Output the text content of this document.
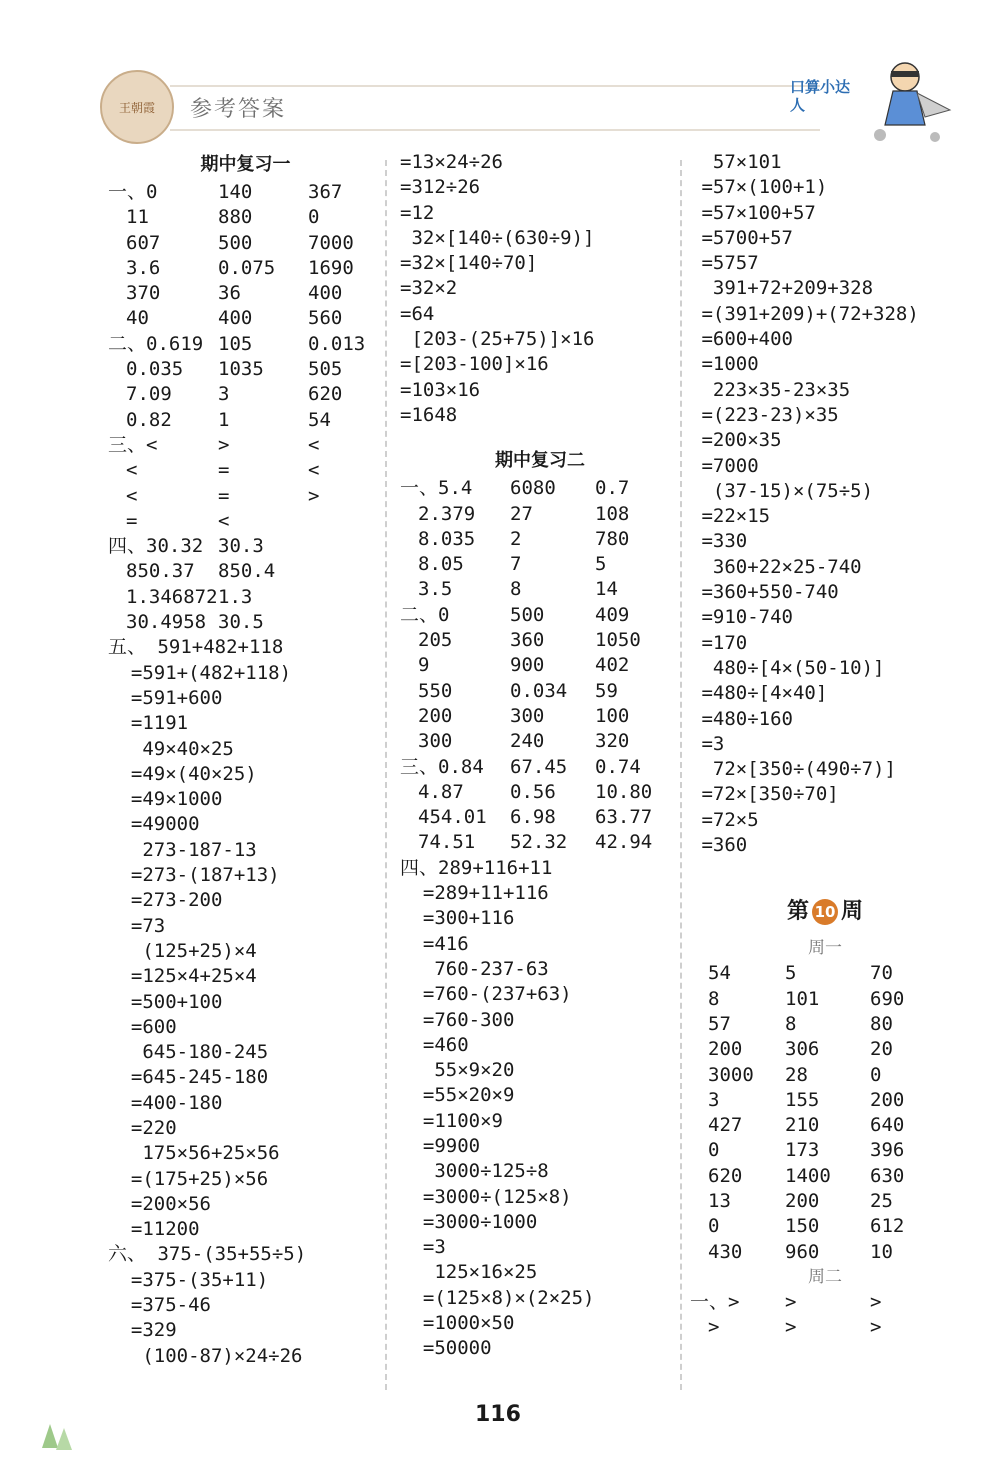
王朝霞 参考答案
口算小达人
期中复习一
一、0	140	367
11	880	0
607	500	7000
3.6	0.075	1690
370	36	400
40	400	560
二、0.619 105	0.013
0.035	1035	505
7.09	3	620
0.82	1	54
三、<	>	<
<	=	<
<	=	>
=	<
四、30.32 30.3
850.37	850.4
1.346872 1.3
30.4958 30.5
五、 591+482+118
=591+(482+118)
=591+600
=1191
49×40×25
=49×(40×25)
=49×1000
=49000
273-187-13
=273-(187+13)
=273-200
=73
(125+25)×4
=125×4+25×4
=500+100
=600
645-180-245
=645-245-180
=400-180
=220
175×56+25×56
=(175+25)×56
=200×56
=11200
六、 375-(35+55÷5)
=375-(35+11)
=375-46
=329
(100-87)×24÷26
=13×24÷26
=312÷26
=12
32×[140÷(630÷9)]
=32×[140÷70]
=32×2
=64
[203-(25+75)]×16
=[203-100]×16
=103×16
=1648
期中复习二
一、5.4	6080	0.7
2.379	27	108
8.035	2	780
8.05	7	5
3.5	8	14
二、0	500	409
205	360	1050
9	900	402
550	0.034	59
200	300	100
300	240	320
三、0.84	67.45	0.74
4.87	0.56	10.80
454.01	6.98	63.77
74.51	52.32	42.94
四、289+116+11
=289+11+116
=300+116
=416
760-237-63
=760-(237+63)
=760-300
=460
55×9×20
=55×20×9
=1100×9
=9900
3000÷125÷8
=3000÷(125×8)
=3000÷1000
=3
125×16×25
=(125×8)×(2×25)
=1000×50
=50000
57×101
=57×(100+1)
=57×100+57
=5700+57
=5757
391+72+209+328
=(391+209)+(72+328)
=600+400
=1000
223×35-23×35
=(223-23)×35
=200×35
=7000
(37-15)×(75÷5)
=22×15
=330
360+22×25-740
=360+550-740
=910-740
=170
480÷[4×(50-10)]
=480÷[4×40]
=480÷160
=3
72×[350÷(490÷7)]
=72×[350÷70]
=72×5
=360
第 10 周
周一
54	5	70
8	101	690
57	8	80
200	306	20
3000	28	0
3	155	200
427	210	640
0	173	396
620	1400	630
13	200	25
0	150	612
430	960	10
周二
一、>	>	>
>	>	>
116
